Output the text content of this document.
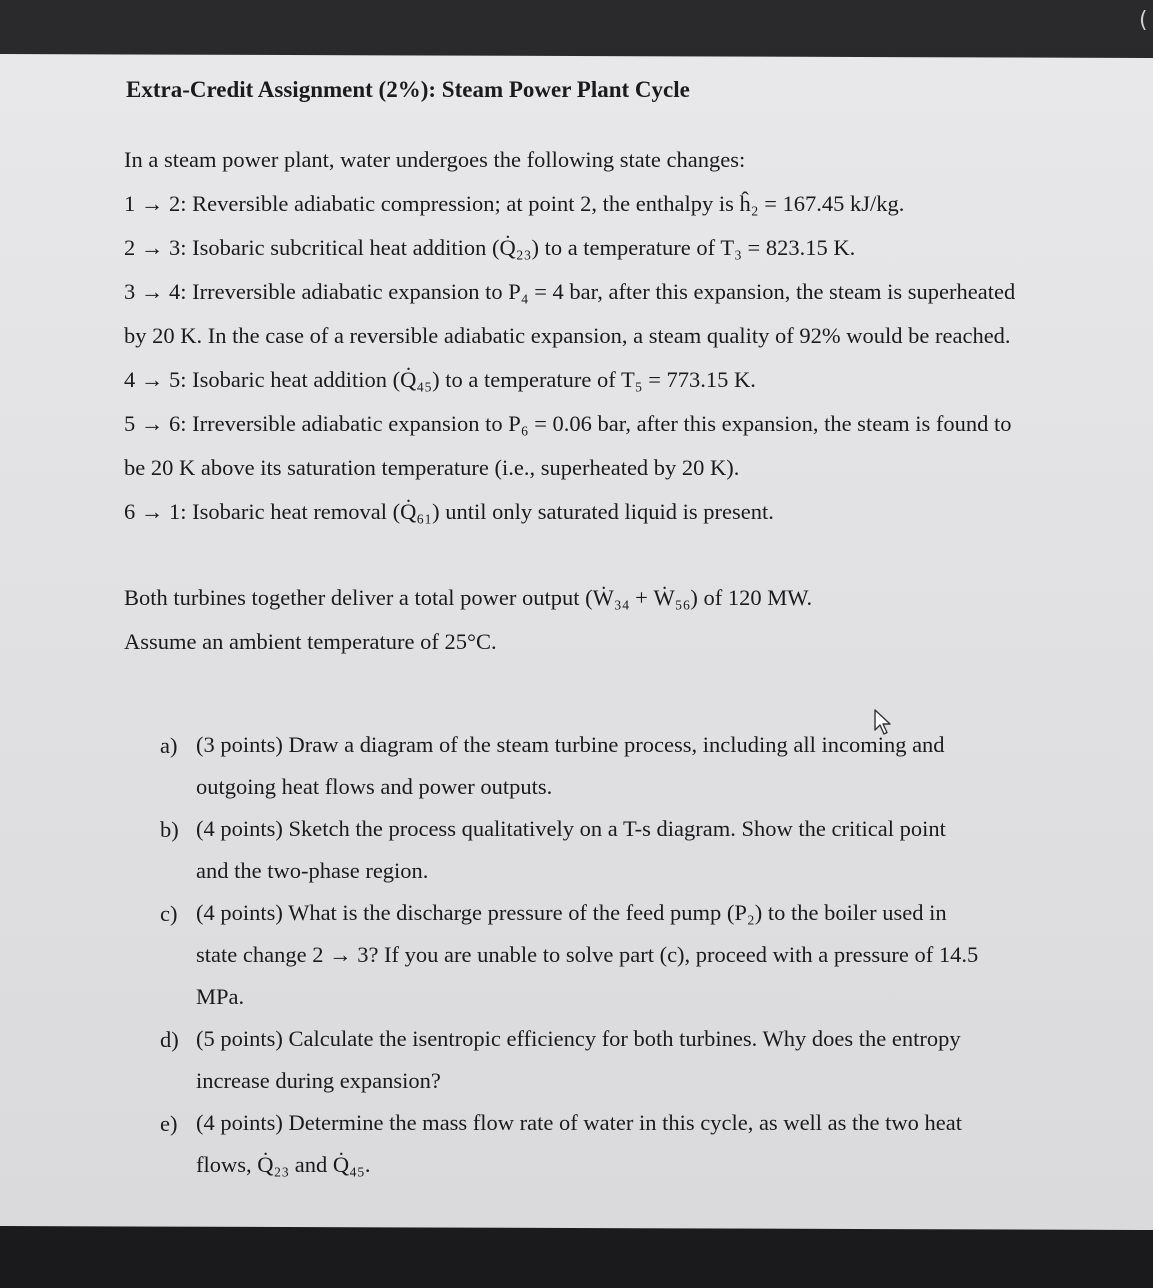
(
Extra-Credit Assignment (2%): Steam Power Plant Cycle

In a steam power plant, water undergoes the following state changes:

1 → 2: Reversible adiabatic compression; at point 2, the enthalpy is ĥ₂ = 167.45 kJ/kg.

2 → 3: Isobaric subcritical heat addition (Q̇₂₃) to a temperature of T₃ = 823.15 K.

3 → 4: Irreversible adiabatic expansion to P₄ = 4 bar, after this expansion, the steam is superheated by 20 K. In the case of a reversible adiabatic expansion, a steam quality of 92% would be reached.

4 → 5: Isobaric heat addition (Q̇₄₅) to a temperature of T₅ = 773.15 K.

5 → 6: Irreversible adiabatic expansion to P₆ = 0.06 bar, after this expansion, the steam is found to be 20 K above its saturation temperature (i.e., superheated by 20 K).

6 → 1: Isobaric heat removal (Q̇₆₁) until only saturated liquid is present.

Both turbines together deliver a total power output (Ẇ₃₄ + Ẇ₅₆) of 120 MW.

Assume an ambient temperature of 25°C.

a) (3 points) Draw a diagram of the steam turbine process, including all incoming and outgoing heat flows and power outputs.
b) (4 points) Sketch the process qualitatively on a T-s diagram. Show the critical point and the two-phase region.
c) (4 points) What is the discharge pressure of the feed pump (P₂) to the boiler used in state change 2 → 3? If you are unable to solve part (c), proceed with a pressure of 14.5 MPa.
d) (5 points) Calculate the isentropic efficiency for both turbines. Why does the entropy increase during expansion?
e) (4 points) Determine the mass flow rate of water in this cycle, as well as the two heat flows, Q̇₂₃ and Q̇₄₅.
